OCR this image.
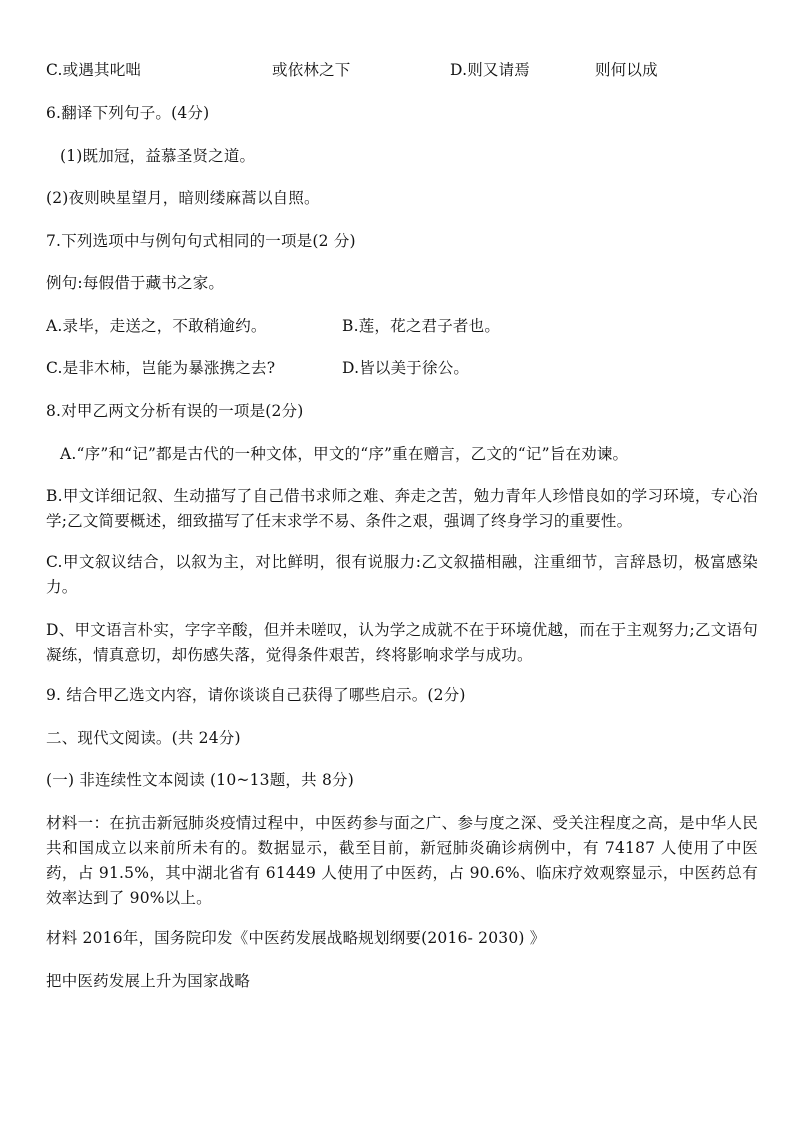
C.或遇其叱咄	或依林之下	D.则又请焉	则何以成
6.翻译下列句子。(4分)
(1)既加冠，益慕圣贤之道。
(2)夜则映星望月，暗则缕麻蒿以自照。
7.下列选项中与例句句式相同的一项是(2 分)
例句:每假借于藏书之家。
A.录毕，走送之，不敢稍逾约。	B.莲，花之君子者也。
C.是非木柿，岂能为暴涨携之去?	D.皆以美于徐公。
8.对甲乙两文分析有误的一项是(2分)
A.“序”和“记”都是古代的一种文体，甲文的“序”重在赠言，乙文的“记”旨在劝谏。
B.甲文详细记叙、生动描写了自己借书求师之难、奔走之苦，勉力青年人珍惜良如的学习环境，专心治学;乙文简要概述，细致描写了任末求学不易、条件之艰，强调了终身学习的重要性。
C.甲文叙议结合，以叙为主，对比鲜明，很有说服力:乙文叙描相融，注重细节，言辞恳切，极富感染力。
D、甲文语言朴实，字字辛酸，但并未嗟叹，认为学之成就不在于环境优越，而在于主观努力;乙文语句凝练，情真意切，却伤感失落，觉得条件艰苦，终将影响求学与成功。
9. 结合甲乙选文内容，请你谈谈自己获得了哪些启示。(2分)
二、现代文阅读。(共 24分)
(一) 非连续性文本阅读 (10~13题，共 8分)
材料一：在抗击新冠肺炎疫情过程中，中医药参与面之广、参与度之深、受关注程度之高，是中华人民共和国成立以来前所未有的。数据显示，截至目前，新冠肺炎确诊病例中，有 74187 人使用了中医药，占 91.5%，其中湖北省有 61449 人使用了中医药，占 90.6%、临床疗效观察显示，中医药总有效率达到了 90%以上。
材料 2016年，国务院印发《中医药发展战略规划纲要(2016- 2030) 》
把中医药发展上升为国家战略
